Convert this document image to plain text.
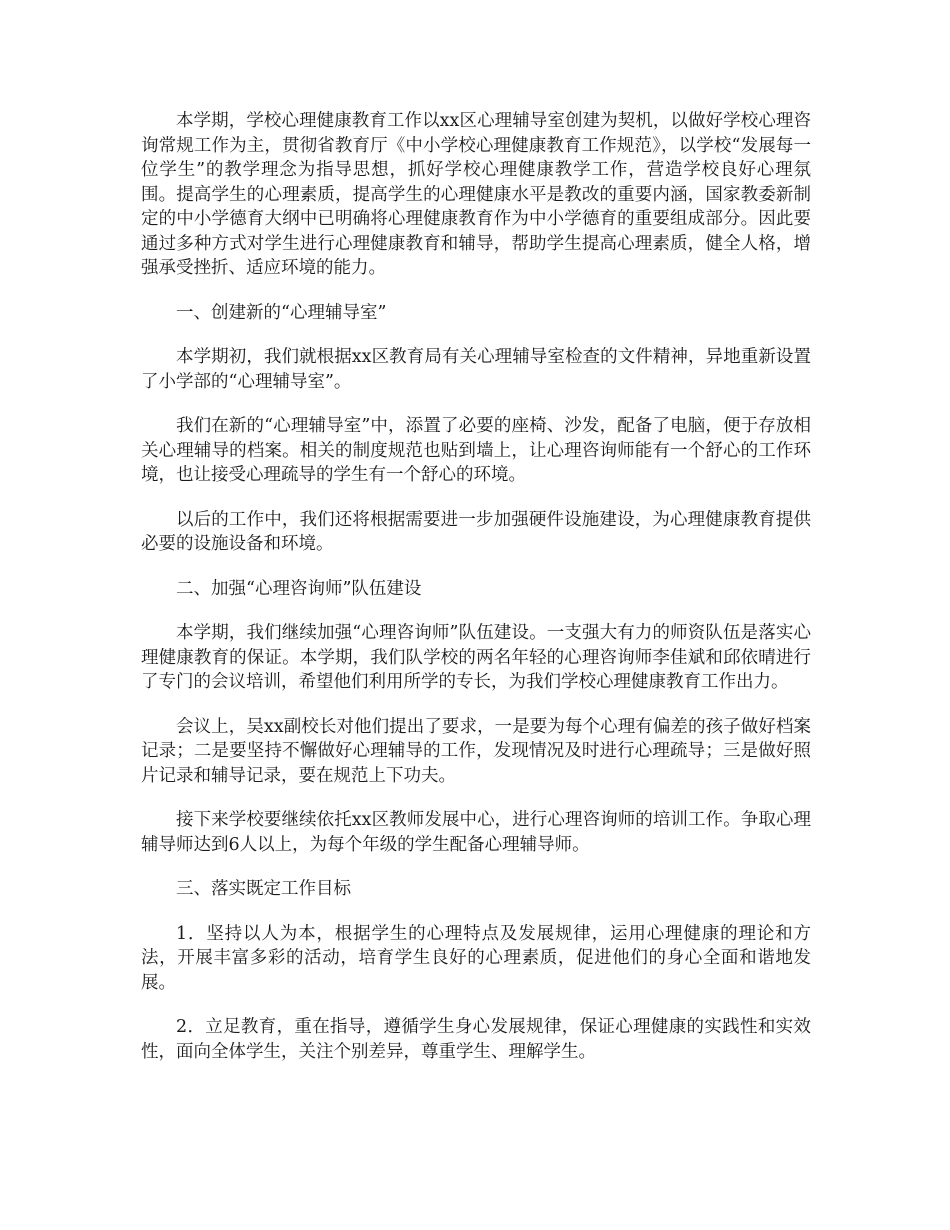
本学期，学校心理健康教育工作以xx区心理辅导室创建为契机，以做好学校心理咨询常规工作为主，贯彻省教育厅《中小学校心理健康教育工作规范》，以学校“发展每一位学生”的教学理念为指导思想，抓好学校心理健康教学工作，营造学校良好心理氛围。提高学生的心理素质，提高学生的心理健康水平是教改的重要内涵，国家教委新制定的中小学德育大纲中已明确将心理健康教育作为中小学德育的重要组成部分。因此要通过多种方式对学生进行心理健康教育和辅导，帮助学生提高心理素质，健全人格，增强承受挫折、适应环境的能力。

一、创建新的“心理辅导室”

本学期初，我们就根据xx区教育局有关心理辅导室检查的文件精神，异地重新设置了小学部的“心理辅导室”。

我们在新的“心理辅导室”中，添置了必要的座椅、沙发，配备了电脑，便于存放相关心理辅导的档案。相关的制度规范也贴到墙上，让心理咨询师能有一个舒心的工作环境，也让接受心理疏导的学生有一个舒心的环境。

以后的工作中，我们还将根据需要进一步加强硬件设施建设，为心理健康教育提供必要的设施设备和环境。

二、加强“心理咨询师”队伍建设

本学期，我们继续加强“心理咨询师”队伍建设。一支强大有力的师资队伍是落实心理健康教育的保证。本学期，我们队学校的两名年轻的心理咨询师李佳斌和邱依晴进行了专门的会议培训，希望他们利用所学的专长，为我们学校心理健康教育工作出力。

会议上，吴xx副校长对他们提出了要求，一是要为每个心理有偏差的孩子做好档案记录；二是要坚持不懈做好心理辅导的工作，发现情况及时进行心理疏导；三是做好照片记录和辅导记录，要在规范上下功夫。

接下来学校要继续依托xx区教师发展中心，进行心理咨询师的培训工作。争取心理辅导师达到6人以上，为每个年级的学生配备心理辅导师。

三、落实既定工作目标

1．坚持以人为本，根据学生的心理特点及发展规律，运用心理健康的理论和方法，开展丰富多彩的活动，培育学生良好的心理素质，促进他们的身心全面和谐地发展。

2．立足教育，重在指导，遵循学生身心发展规律，保证心理健康的实践性和实效性，面向全体学生，关注个别差异，尊重学生、理解学生。
